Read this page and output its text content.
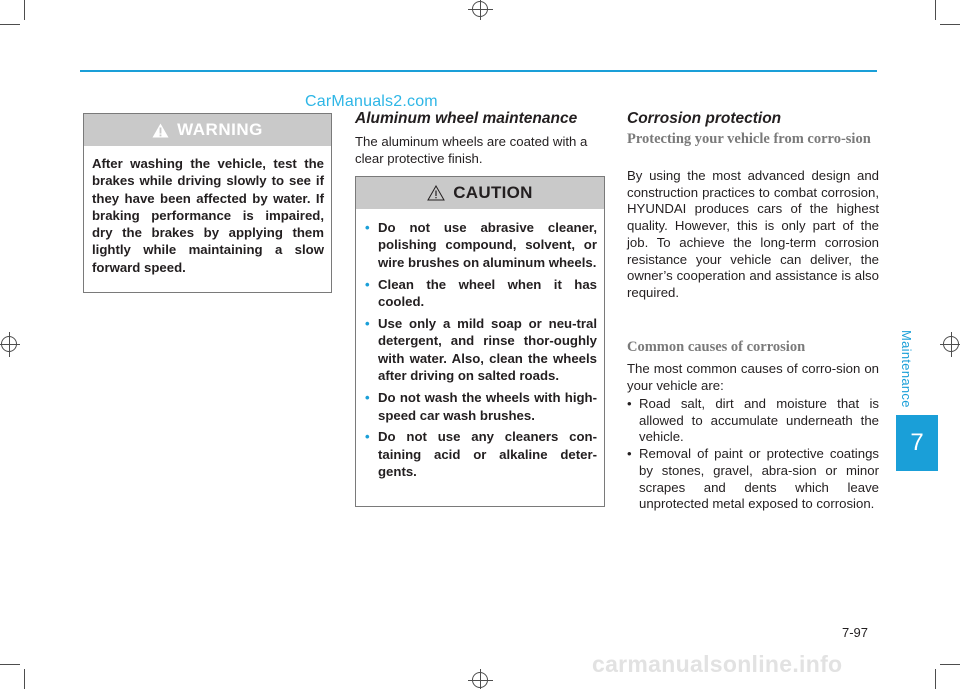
CarManuals2.com
WARNING
After washing the vehicle, test the brakes while driving slowly to see if they have been affected by water. If braking performance is impaired, dry the brakes by applying them lightly while maintaining a slow forward speed.
Aluminum wheel maintenance
The aluminum wheels are coated with a clear protective finish.
CAUTION
• Do not use abrasive cleaner, polishing compound, solvent, or wire brushes on aluminum wheels.
• Clean the wheel when it has cooled.
• Use only a mild soap or neu-tral detergent, and rinse thor-oughly with water. Also, clean the wheels after driving on salted roads.
• Do not wash the wheels with high-speed car wash brushes.
• Do not use any cleaners con-taining acid or alkaline deter-gents.
Corrosion protection
Protecting your vehicle from corro-sion
By using the most advanced design and construction practices to combat corrosion, HYUNDAI produces cars of the highest quality. However, this is only part of the job. To achieve the long-term corrosion resistance your vehicle can deliver, the owner’s cooperation and assistance is also required.
Common causes of corrosion
The most common causes of corro-sion on your vehicle are:
• Road salt, dirt and moisture that is allowed to accumulate underneath the vehicle.
• Removal of paint or protective coatings by stones, gravel, abra-sion or minor scrapes and dents which leave unprotected metal exposed to corrosion.
Maintenance
7
7-97
carmanualsonline.info
